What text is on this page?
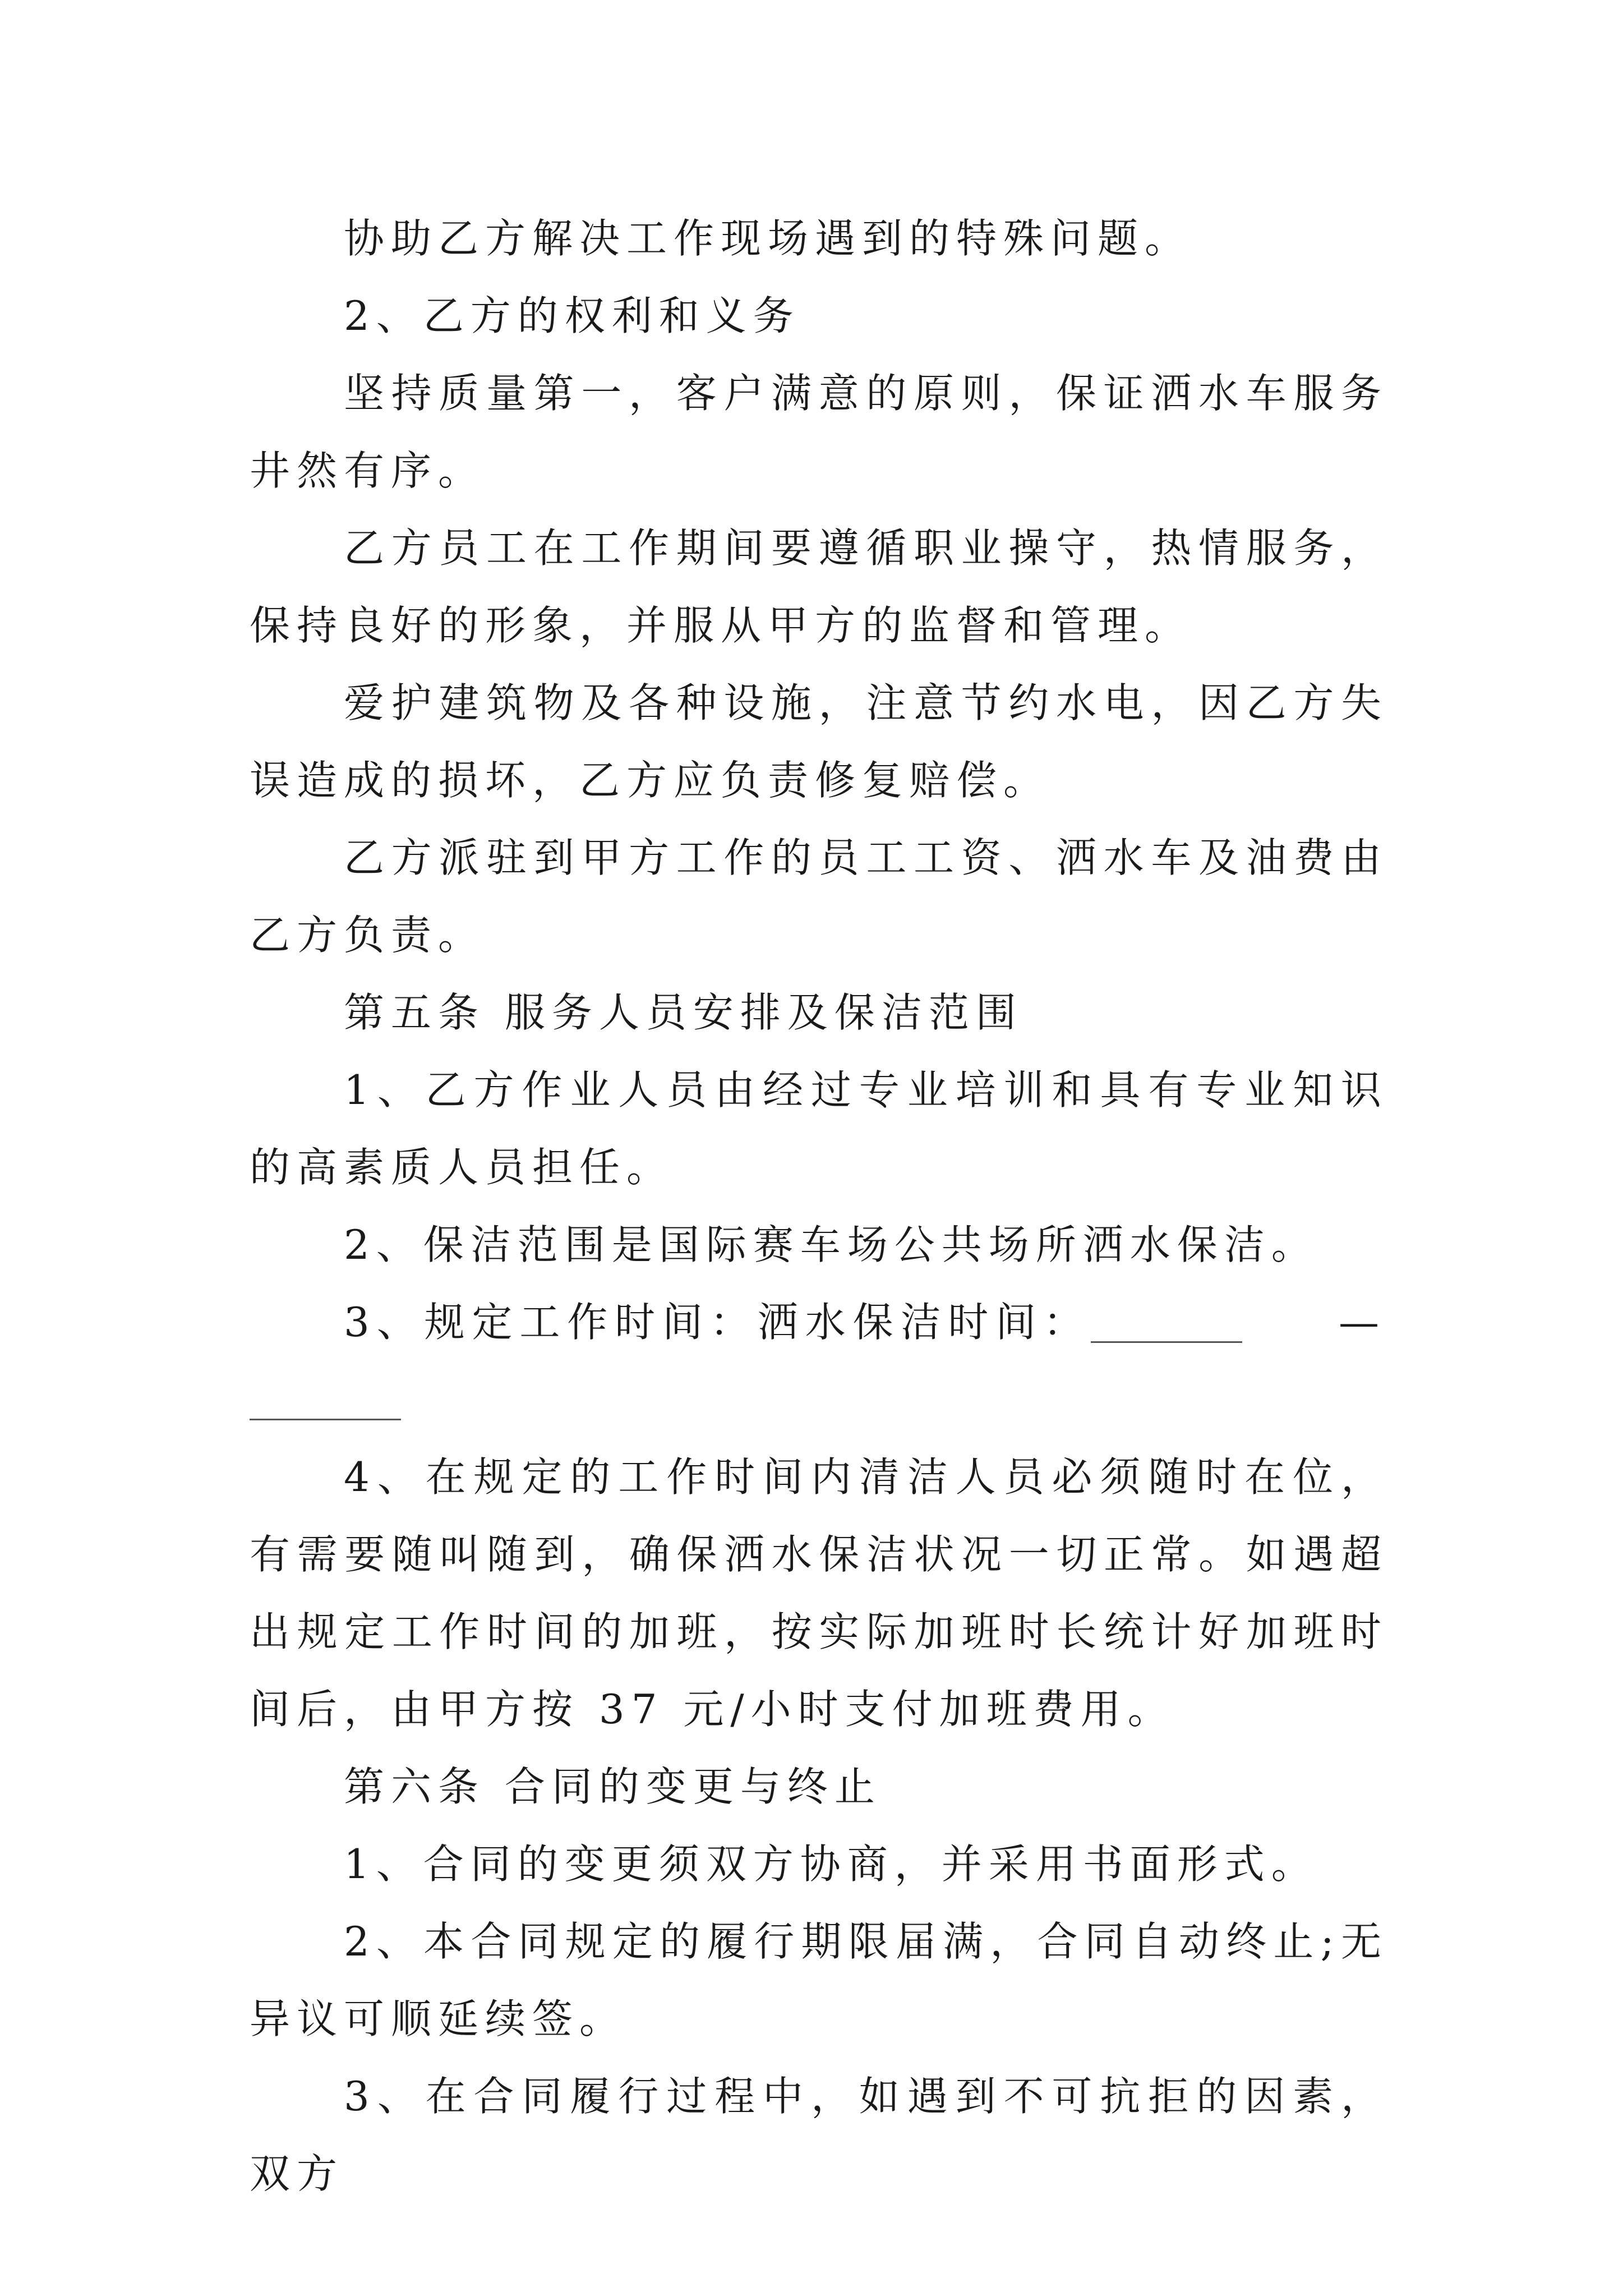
协助乙方解决工作现场遇到的特殊问题。

2、乙方的权利和义务

坚持质量第一，客户满意的原则，保证洒水车服务井然有序。

乙方员工在工作期间要遵循职业操守，热情服务，保持良好的形象，并服从甲方的监督和管理。

爱护建筑物及各种设施，注意节约水电，因乙方失误造成的损坏，乙方应负责修复赔偿。

乙方派驻到甲方工作的员工工资、洒水车及油费由乙方负责。

第五条 服务人员安排及保洁范围

1、乙方作业人员由经过专业培训和具有专业知识的高素质人员担任。

2、保洁范围是国际赛车场公共场所洒水保洁。

3、规定工作时间：洒水保洁时间：	—

4、在规定的工作时间内清洁人员必须随时在位，有需要随叫随到，确保洒水保洁状况一切正常。如遇超出规定工作时间的加班，按实际加班时长统计好加班时间后，由甲方按 37 元/小时支付加班费用。

第六条 合同的变更与终止

1、合同的变更须双方协商，并采用书面形式。

2、本合同规定的履行期限届满，合同自动终止;无异议可顺延续签。

3、在合同履行过程中，如遇到不可抗拒的因素，双方
